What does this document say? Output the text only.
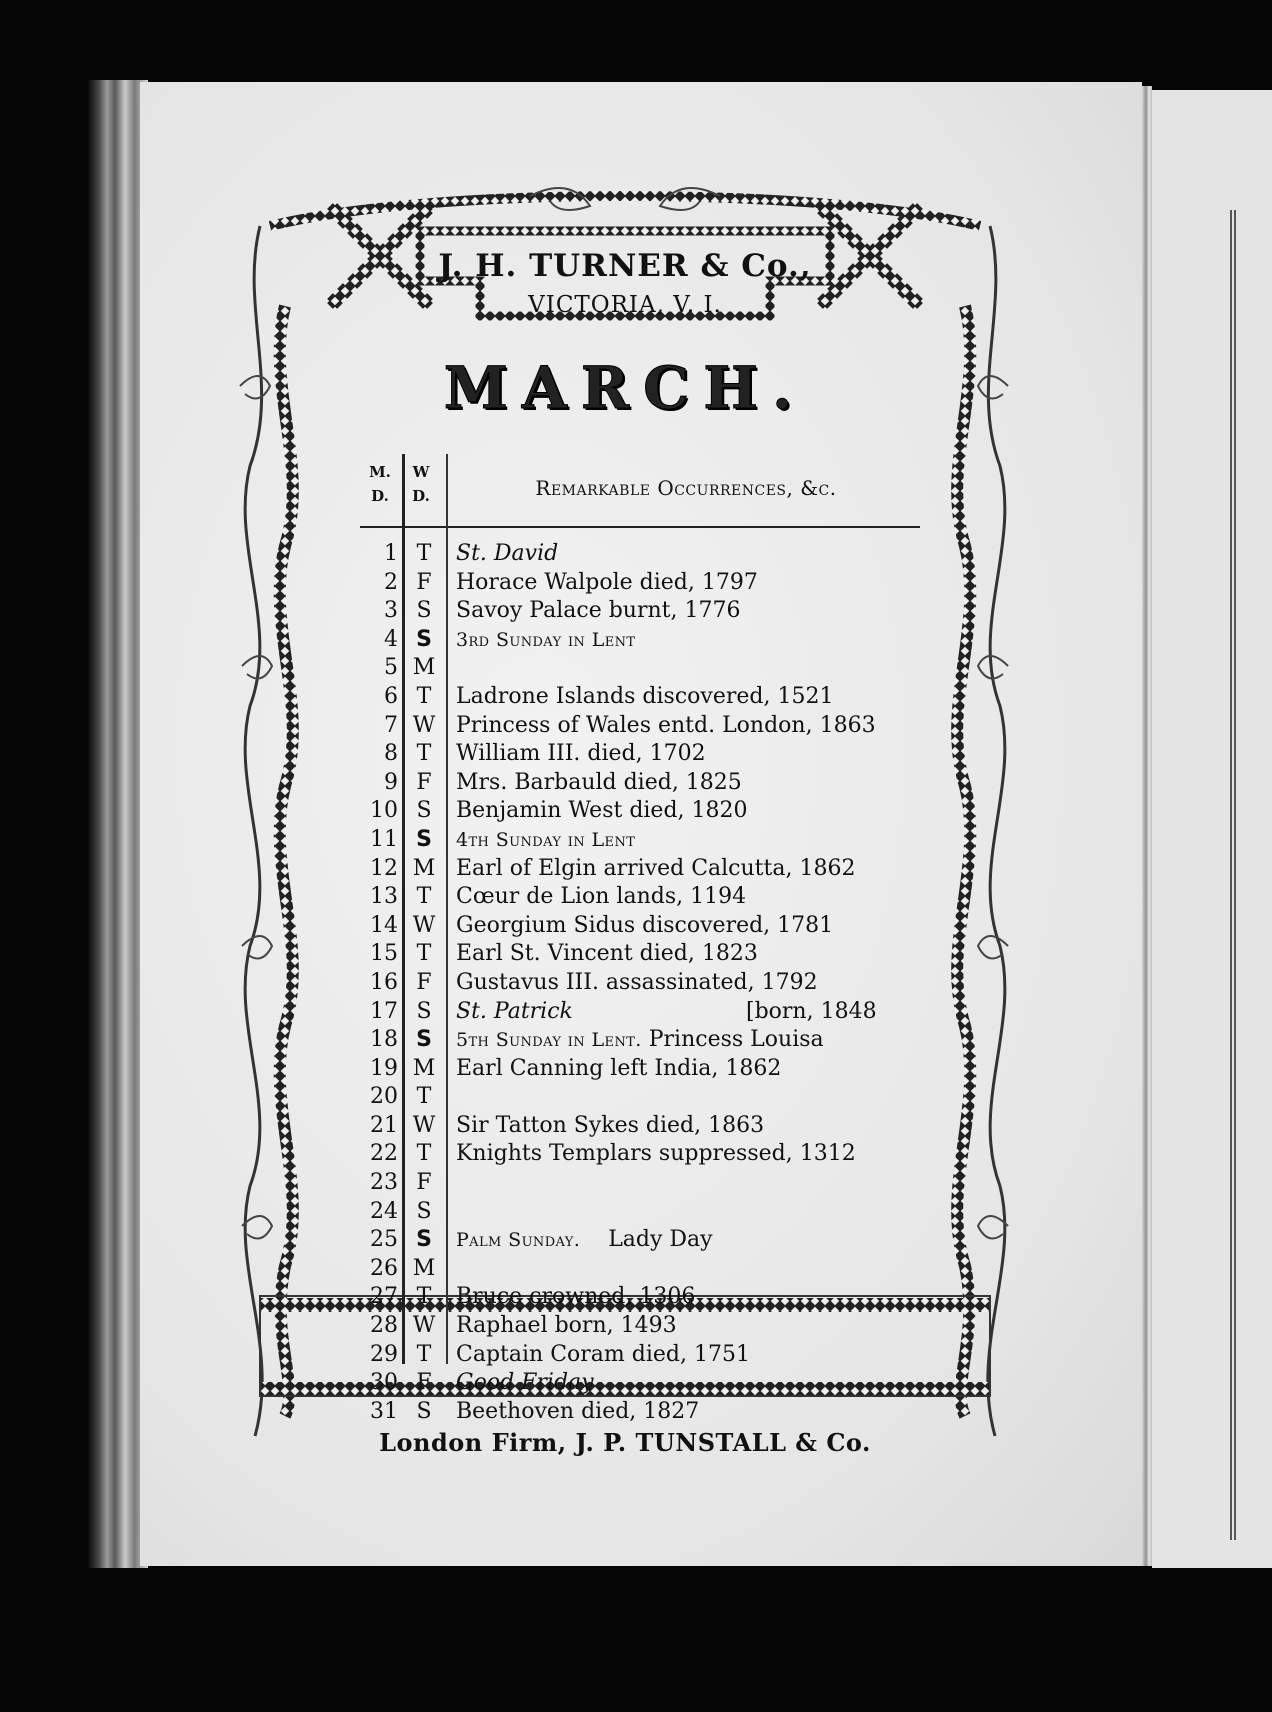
J. H. TURNER & Co.,
VICTORIA, V. I.
MARCH.
M.
D.
W
D.	Remarkable Occurrences, &c.
1 T	St. David
2 F	Horace Walpole died, 1797
3 S	Savoy Palace burnt, 1776
4 S	3rd Sunday in Lent
5 M
6 T	Ladrone Islands discovered, 1521
7 W Princess of Wales entd. London, 1863
8 T	William III. died, 1702
9 F	Mrs. Barbauld died, 1825
10 S	Benjamin West died, 1820
11 S	4th Sunday in Lent
12 M Earl of Elgin arrived Calcutta, 1862
13 T	Cœur de Lion lands, 1194
14 W Georgium Sidus discovered, 1781
15 T	Earl St. Vincent died, 1823
16 F	Gustavus III. assassinated, 1792
17 S	St. Patrick	[born, 1848
18 S	5th Sunday in Lent. Princess Louisa
19 M Earl Canning left India, 1862
20 T
21 W Sir Tatton Sykes died, 1863
22 T	Knights Templars suppressed, 1312
23 F
24 S
25 S	Palm Sunday.    Lady Day
26 M
27 T	Bruce crowned, 1306
28 W Raphael born, 1493
29 T	Captain Coram died, 1751
30 F	Good Friday
31 S	Beethoven died, 1827
London Firm, J. P. TUNSTALL & Co.
